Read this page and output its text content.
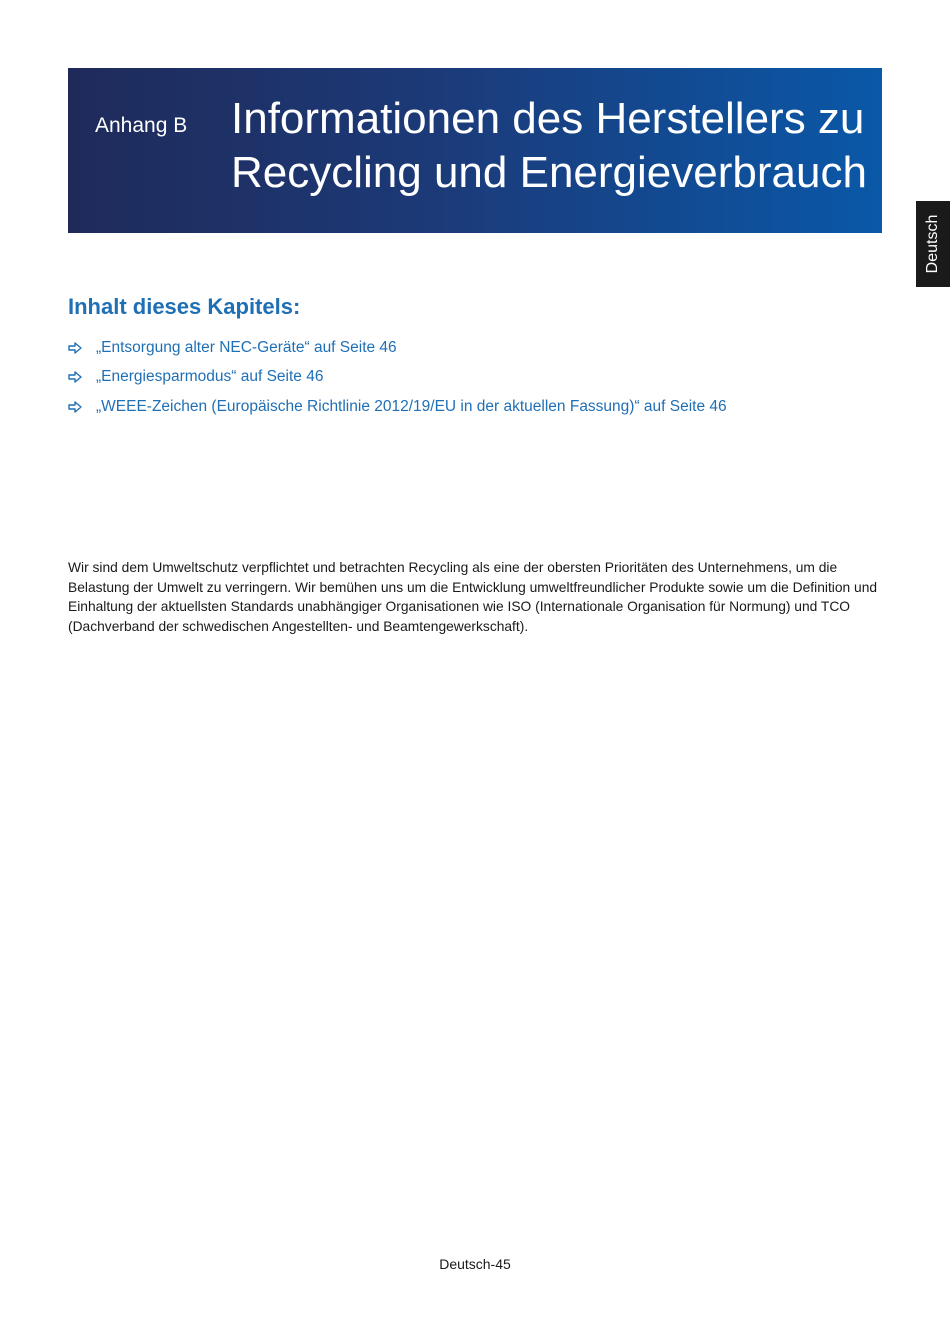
Anhang B Informationen des Herstellers zu
Recycling und Energieverbrauch
Deutsch
Inhalt dieses Kapitels:
„Entsorgung alter NEC-Geräte“ auf Seite 46
„Energiesparmodus“ auf Seite 46
„WEEE-Zeichen (Europäische Richtlinie 2012/19/EU in der aktuellen Fassung)“ auf Seite 46

Wir sind dem Umweltschutz verpflichtet und betrachten Recycling als eine der obersten Prioritäten des Unternehmens, um die Belastung der Umwelt zu verringern. Wir bemühen uns um die Entwicklung umweltfreundlicher Produkte sowie um die Definition und Einhaltung der aktuellsten Standards unabhängiger Organisationen wie ISO (Internationale Organisation für Normung) und TCO (Dachverband der schwedischen Angestellten- und Beamtengewerkschaft).

Deutsch-45
